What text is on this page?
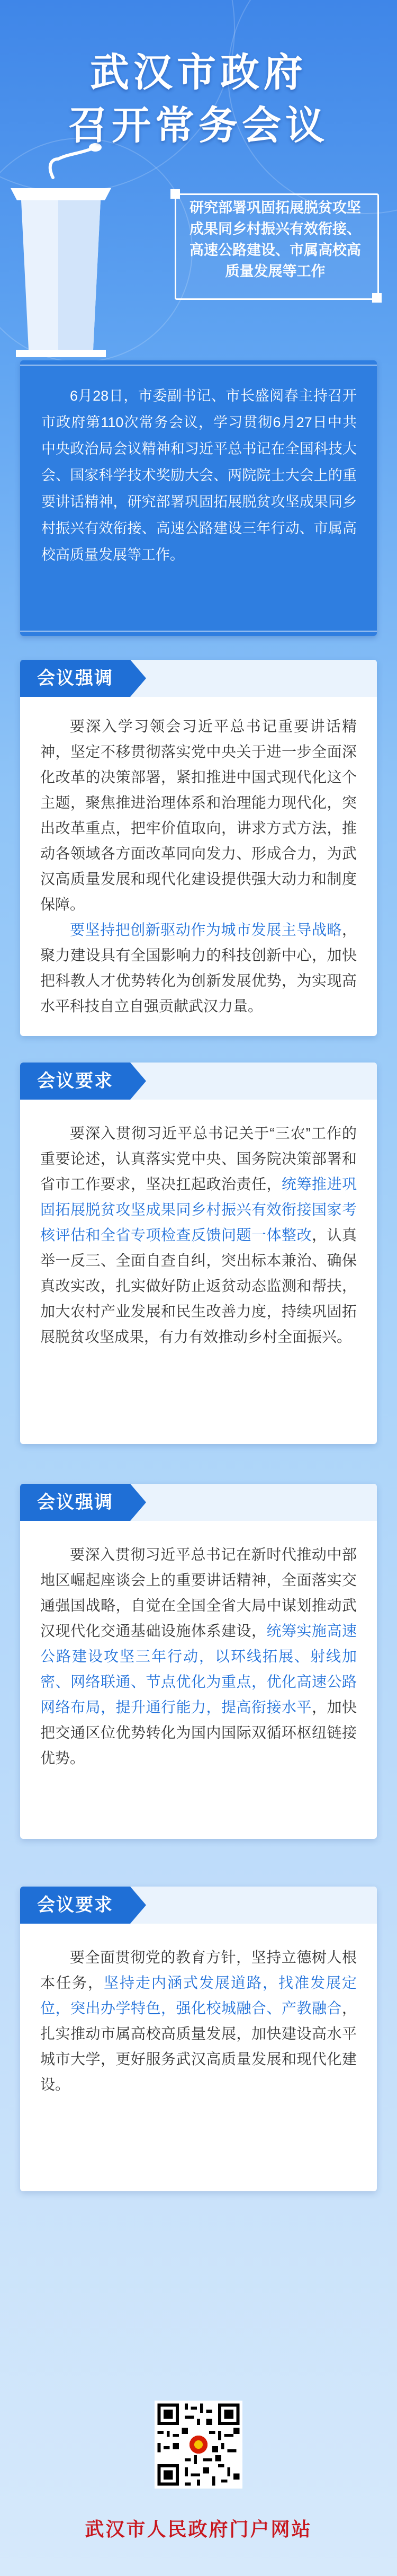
武汉市政府
召开常务会议
研究部署巩固拓展脱贫攻坚成果同乡村振兴有效衔接、高速公路建设、市属高校高质量发展等工作
6月28日，市委副书记、市长盛阅春主持召开市政府第110次常务会议，学习贯彻6月27日中共中央政治局会议精神和习近平总书记在全国科技大会、国家科学技术奖励大会、两院院士大会上的重要讲话精神，研究部署巩固拓展脱贫攻坚成果同乡村振兴有效衔接、高速公路建设三年行动、市属高校高质量发展等工作。
会议强调

要深入学习领会习近平总书记重要讲话精神，坚定不移贯彻落实党中央关于进一步全面深化改革的决策部署，紧扣推进中国式现代化这个主题，聚焦推进治理体系和治理能力现代化，突出改革重点，把牢价值取向，讲求方式方法，推动各领域各方面改革同向发力、形成合力，为武汉高质量发展和现代化建设提供强大动力和制度保障。

要坚持把创新驱动作为城市发展主导战略，聚力建设具有全国影响力的科技创新中心，加快把科教人才优势转化为创新发展优势，为实现高水平科技自立自强贡献武汉力量。

会议要求

要深入贯彻习近平总书记关于“三农”工作的重要论述，认真落实党中央、国务院决策部署和省市工作要求，坚决扛起政治责任，统筹推进巩固拓展脱贫攻坚成果同乡村振兴有效衔接国家考核评估和全省专项检查反馈问题一体整改，认真举一反三、全面自查自纠，突出标本兼治、确保真改实改，扎实做好防止返贫动态监测和帮扶，加大农村产业发展和民生改善力度，持续巩固拓展脱贫攻坚成果，有力有效推动乡村全面振兴。

会议强调

要深入贯彻习近平总书记在新时代推动中部地区崛起座谈会上的重要讲话精神，全面落实交通强国战略，自觉在全国全省大局中谋划推动武汉现代化交通基础设施体系建设，统筹实施高速公路建设攻坚三年行动，以环线拓展、射线加密、网络联通、节点优化为重点，优化高速公路网络布局，提升通行能力，提高衔接水平，加快把交通区位优势转化为国内国际双循环枢纽链接优势。

会议要求

要全面贯彻党的教育方针，坚持立德树人根本任务，坚持走内涵式发展道路，找准发展定位，突出办学特色，强化校城融合、产教融合，扎实推动市属高校高质量发展，加快建设高水平城市大学，更好服务武汉高质量发展和现代化建设。

武汉市人民政府门户网站
